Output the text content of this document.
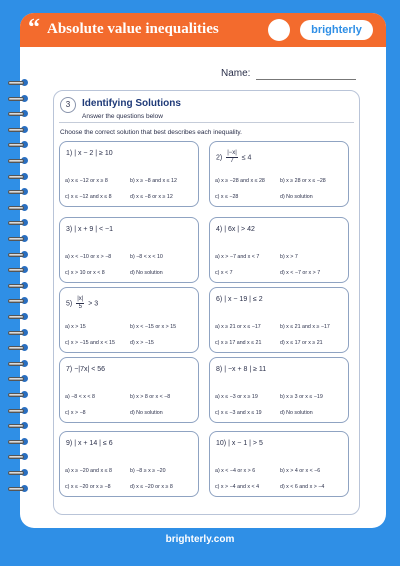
“ Absolute value inequalities	brighterly
Name:
3	Identifying Solutions
Answer the questions below
Choose the correct solution that best describes each inequality.
1) | x − 2 | ≥ 10
a) x ≤ −12 or x ≥ 8	b) x ≥ −8 and x ≤ 12
c) x ≤ −12 and x ≤ 8	d) x ≤ −8 or x ≥ 12
$2) \frac{|-x|}{7} \le 4$
a) x ≥ −28 and x ≤ 28	b) x ≥ 28 or x ≤ −28
c) x ≤ −28	d) No solution
3) | x + 9 | < −1
a) x < −10 or x > −8	b) −8 < x < 10
c) x > 10 or x < 8	d) No solution
4) | 6x | > 42
a) x > −7 and x < 7	b) x > 7
c) x < 7	d) x < −7 or x > 7
$5) \frac{|x|}{5} > 3$
a) x > 15	b) x < −15 or x > 15
c) x > −15 and x < 15	d) x > −15
6) | x − 19 | ≤ 2
a) x ≥ 21 or x ≤ −17	b) x ≤ 21 and x ≥ −17
c) x ≥ 17 and x ≤ 21	d) x ≤ 17 or x ≥ 21
7) −|7x| < 56
a) −8 < x < 8	b) x > 8 or x < −8
c) x > −8	d) No solution
8) | −x + 8 | ≥ 11
a) x ≤ −3 or x ≥ 19	b) x ≥ 3 or x ≤ −19
c) x ≤ −3 and x ≤ 19	d) No solution
9) | x + 14 | ≤ 6
a) x ≥ −20 and x ≤ 8	b) −8 ≥ x ≥ −20
c) x ≤ −20 or x ≥ −8	d) x ≤ −20 or x ≥ 8
10) | x − 1 | > 5
a) x < −4 or x > 6	b) x > 4 or x < −6
c) x > −4 and x < 4	d) x < 6 and x > −4
brighterly.com
